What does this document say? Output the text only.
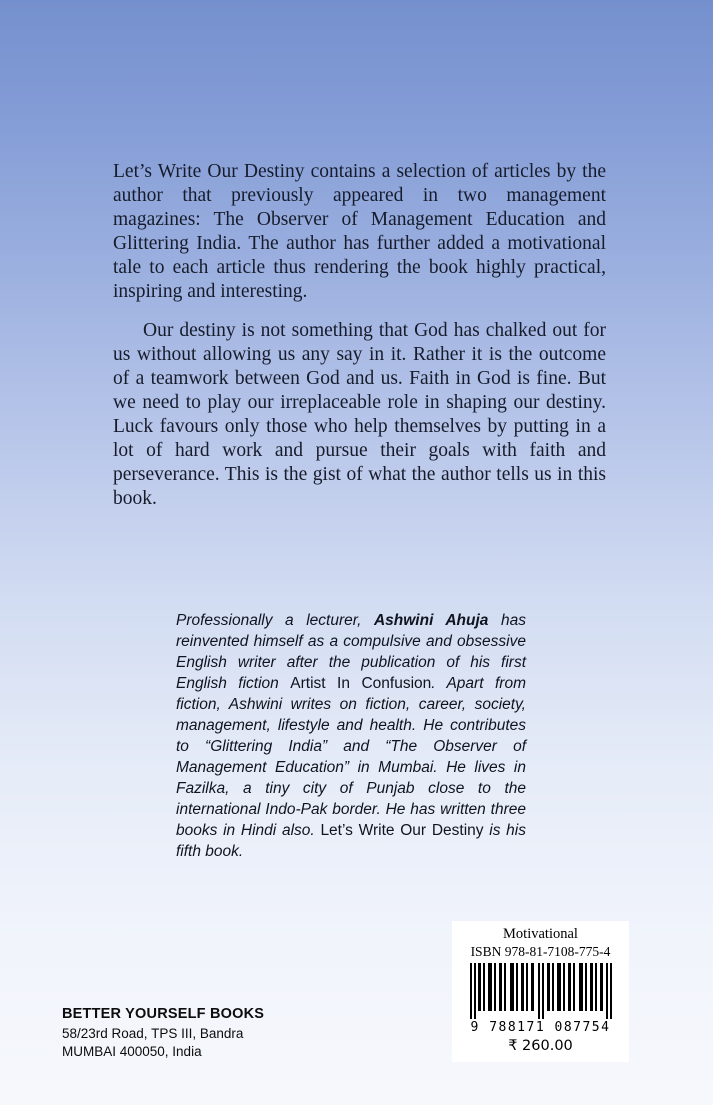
Let’s Write Our Destiny contains a selection of articles by the author that previously appeared in two management magazines: The Observer of Management Education and Glittering India. The author has further added a motivational tale to each article thus rendering the book highly practical, inspiring and interesting.

Our destiny is not something that God has chalked out for us without allowing us any say in it. Rather it is the outcome of a teamwork between God and us. Faith in God is fine. But we need to play our irreplaceable role in shaping our destiny. Luck favours only those who help themselves by putting in a lot of hard work and pursue their goals with faith and perseverance. This is the gist of what the author tells us in this book.

Professionally a lecturer, Ashwini Ahuja has reinvented himself as a compulsive and obsessive English writer after the publication of his first English fiction Artist In Confusion. Apart from fiction, Ashwini writes on fiction, career, society, management, lifestyle and health. He contributes to “Glittering India” and “The Observer of Management Education” in Mumbai. He lives in Fazilka, a tiny city of Punjab close to the international Indo-Pak border. He has written three books in Hindi also. Let’s Write Our Destiny is his fifth book.
BETTER YOURSELF BOOKS
58/23rd Road, TPS III, Bandra
MUMBAI 400050, India
Motivational
ISBN 978-81-7108-775-4
9 788171 087754
₹ 260.00
